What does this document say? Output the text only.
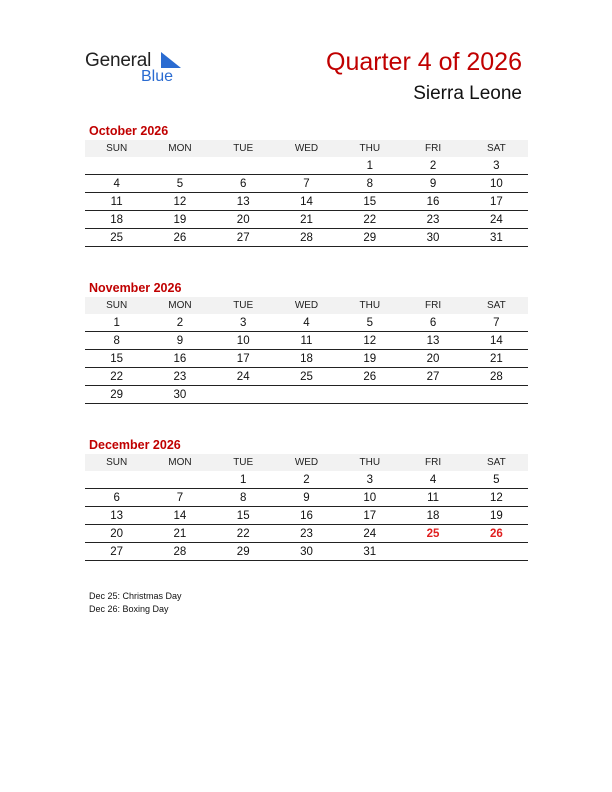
General
Blue
Quarter 4 of 2026
Sierra Leone
October 2026
SUN	MON	TUE	WED	THU	FRI	SAT
				1	2	3
4	5	6	7	8	9	10
11	12	13	14	15	16	17
18	19	20	21	22	23	24
25	26	27	28	29	30	31
November 2026
SUN	MON	TUE	WED	THU	FRI	SAT
1	2	3	4	5	6	7
8	9	10	11	12	13	14
15	16	17	18	19	20	21
22	23	24	25	26	27	28
29	30					
December 2026
SUN	MON	TUE	WED	THU	FRI	SAT
		1	2	3	4	5
6	7	8	9	10	11	12
13	14	15	16	17	18	19
20	21	22	23	24	25	26
27	28	29	30	31		
Dec 25: Christmas Day
Dec 26: Boxing Day
